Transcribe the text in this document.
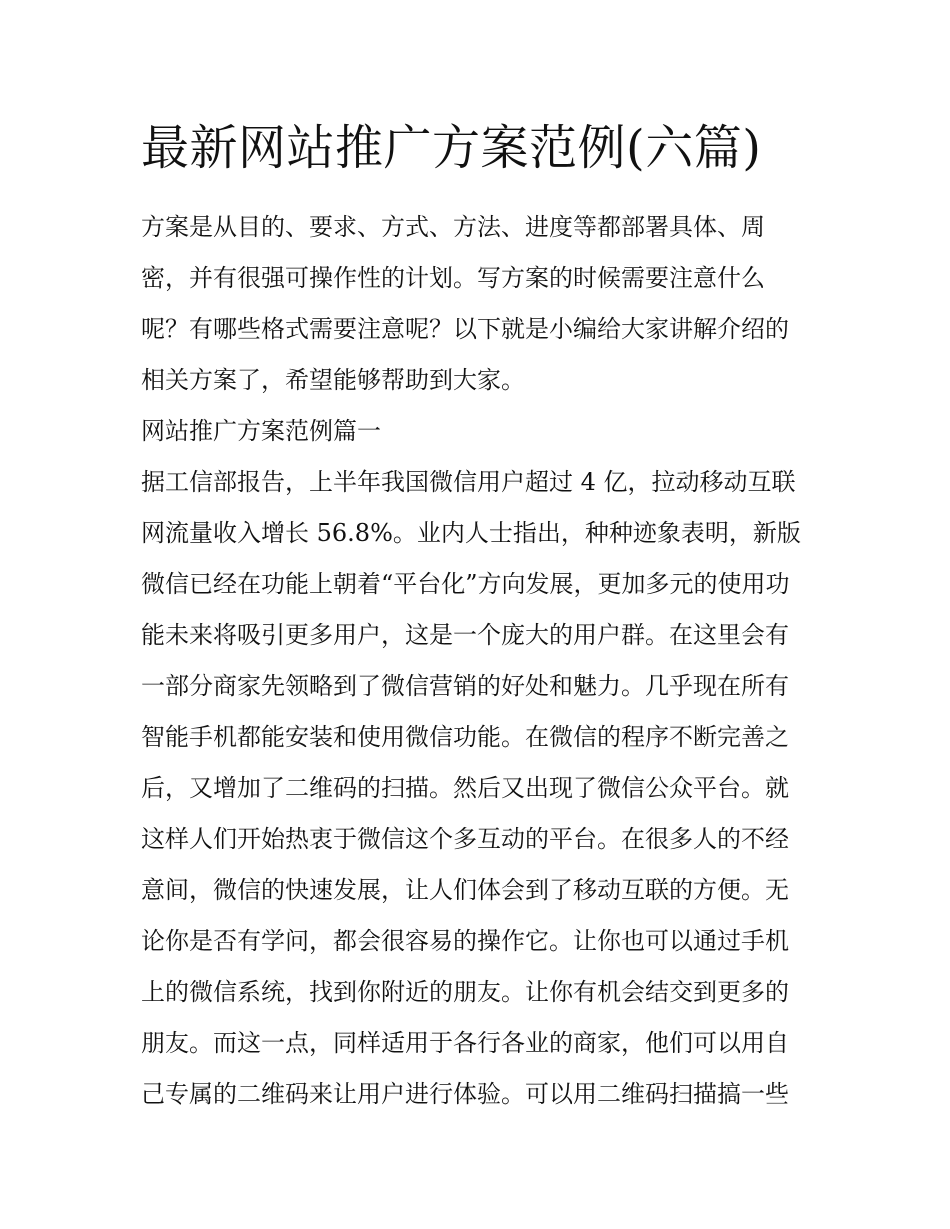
最新网站推广方案范例(六篇)
方案是从目的、要求、方式、方法、进度等都部署具体、周
密，并有很强可操作性的计划。写方案的时候需要注意什么
呢？有哪些格式需要注意呢？以下就是小编给大家讲解介绍的
相关方案了，希望能够帮助到大家。
网站推广方案范例篇一
据工信部报告，上半年我国微信用户超过 4 亿，拉动移动互联
网流量收入增长 56.8%。业内人士指出，种种迹象表明，新版
微信已经在功能上朝着“平台化”方向发展，更加多元的使用功
能未来将吸引更多用户，这是一个庞大的用户群。在这里会有
一部分商家先领略到了微信营销的好处和魅力。几乎现在所有
智能手机都能安装和使用微信功能。在微信的程序不断完善之
后，又增加了二维码的扫描。然后又出现了微信公众平台。就
这样人们开始热衷于微信这个多互动的平台。在很多人的不经
意间，微信的快速发展，让人们体会到了移动互联的方便。无
论你是否有学问，都会很容易的操作它。让你也可以通过手机
上的微信系统，找到你附近的朋友。让你有机会结交到更多的
朋友。而这一点，同样适用于各行各业的商家，他们可以用自
己专属的二维码来让用户进行体验。可以用二维码扫描搞一些
